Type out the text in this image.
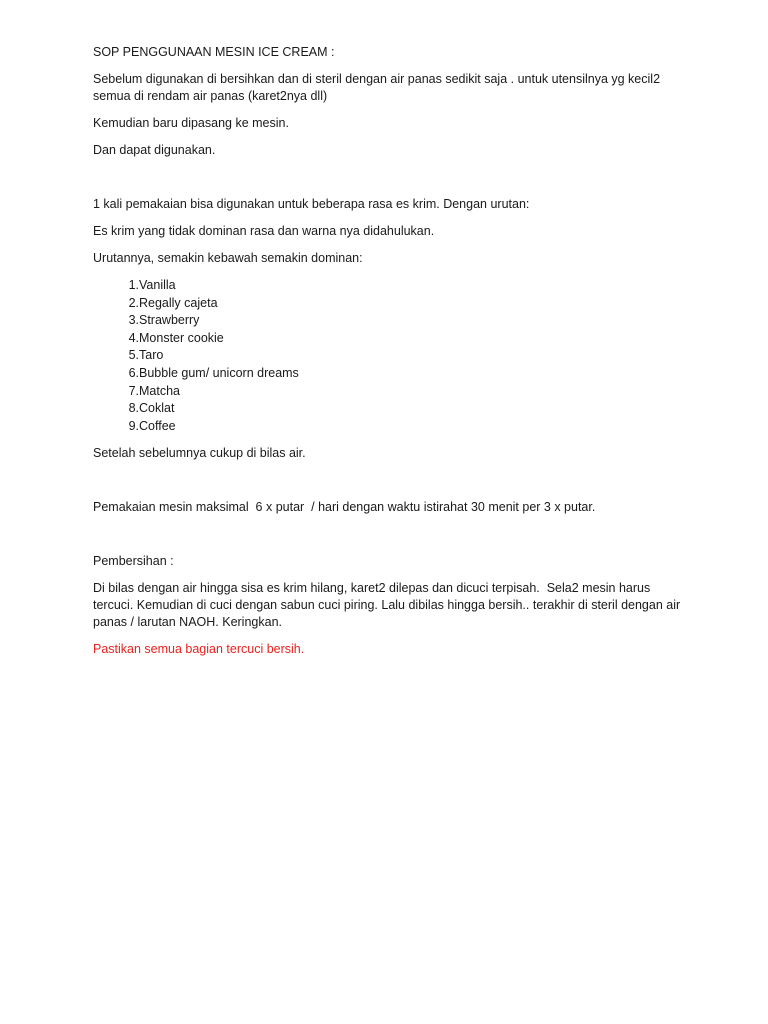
SOP PENGGUNAAN MESIN ICE CREAM :

Sebelum digunakan di bersihkan dan di steril dengan air panas sedikit saja . untuk utensilnya yg kecil2 semua di rendam air panas (karet2nya dll)

Kemudian baru dipasang ke mesin.

Dan dapat digunakan.

1 kali pemakaian bisa digunakan untuk beberapa rasa es krim. Dengan urutan:

Es krim yang tidak dominan rasa dan warna nya didahulukan.

Urutannya, semakin kebawah semakin dominan:

1. Vanilla
2. Regally cajeta
3. Strawberry
4. Monster cookie
5. Taro
6. Bubble gum/ unicorn dreams
7. Matcha
8. Coklat
9. Coffee

Setelah sebelumnya cukup di bilas air.

Pemakaian mesin maksimal  6 x putar  / hari dengan waktu istirahat 30 menit per 3 x putar.

Pembersihan :

Di bilas dengan air hingga sisa es krim hilang, karet2 dilepas dan dicuci terpisah.  Sela2 mesin harus tercuci. Kemudian di cuci dengan sabun cuci piring. Lalu dibilas hingga bersih.. terakhir di steril dengan air panas / larutan NAOH. Keringkan.

Pastikan semua bagian tercuci bersih.
